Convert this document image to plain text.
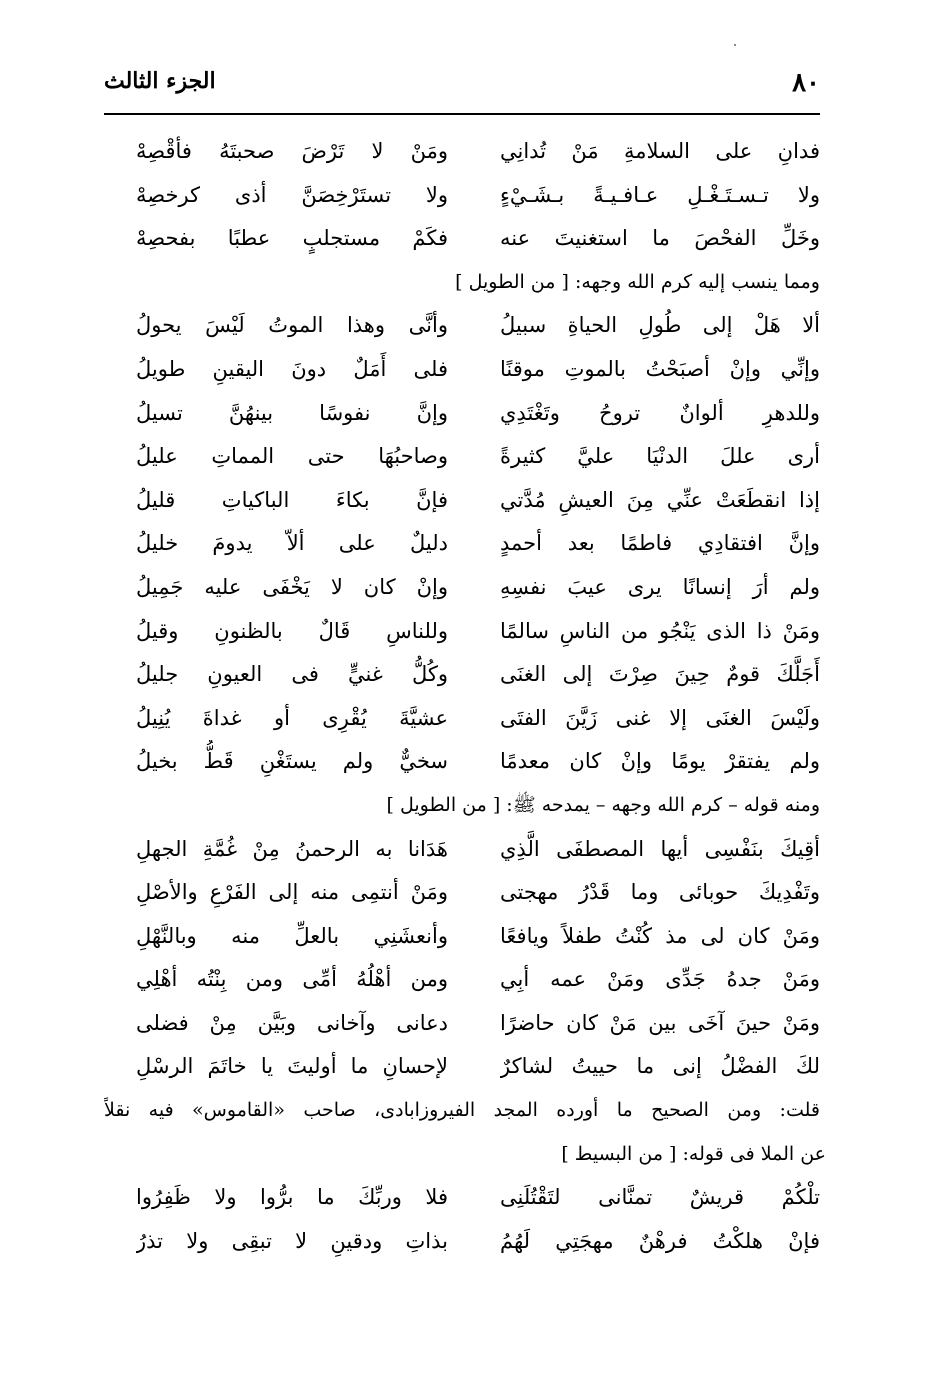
٨٠
الجزء الثالث
فدانِ على السلامةِ مَنْ تُدانِي
ومَنْ لا تَرْضَ صحبتَهُ فأقْصِهْ
ولا تـسـتَـغْـلِ عـافـيـةً بـشَـيْءٍ
ولا تستَرْخِصَنَّ أذى كرخصِهْ
وخَلِّ الفحْصَ ما استغنيتَ عنه
فكَمْ مستجلبٍ عطبًا بفحصِهْ
ومما ينسب إليه كرم الله وجهه: [ من الطويل ]
ألا هَلْ إلى طُولِ الحياةِ سبيلُ
وأنَّى وهذا الموتُ لَيْسَ يحولُ
وإنِّي وإنْ أصبَحْتُ بالموتِ موقنًا
فلى أَمَلٌ دونَ اليقينِ طويلُ
وللدهرِ ألوانٌ تروحُ وتَغْتَدِي
وإنَّ نفوسًا بينهُنَّ تسيلُ
أرى عللَ الدنْيَا عليَّ كثيرةً
وصاحبُهَا حتى المماتِ عليلُ
إذا انقطَعَتْ عنِّي مِنَ العيشِ مُدَّتي
فإنَّ بكاءَ الباكياتِ قليلُ
وإنَّ افتقادِي فاطمًا بعد أحمدٍ
دليلٌ على ألاّ يدومَ خليلُ
ولم أرَ إنسانًا يرى عيبَ نفسِهِ
وإنْ كان لا يَخْفَى عليه جَمِيلُ
ومَنْ ذا الذى يَنْجُو من الناسِ سالمًا
وللناسِ قَالٌ بالظنونِ وقيلُ
أَجَلَّكَ قومٌ حِينَ صِرْتَ إلى الغنَى
وكُلُّ غنيٍّ فى العيونِ جليلُ
ولَيْسَ الغنَى إلا غنى زَيَّنَ الفتَى
عشيَّةَ يُقْرِى أو غداةَ يُنِيلُ
ولم يفتقرْ يومًا وإنْ كان معدمًا
سخيٌّ ولم يستَغْنِ قَطُّ بخيلُ
ومنه قوله – كرم الله وجهه – يمدحه ﷺ: [ من الطويل ]
أقِيكَ بنَفْسِى أيها المصطفَى الَّذِي
هَدَانا به الرحمنُ مِنْ غُمَّةِ الجهلِ
وتَفْدِيكَ حوبائى وما قَدْرُ مهجتى
ومَنْ أنتمِى منه إلى الفَرْعِ والأصْلِ
ومَنْ كان لى مذ كُنْتُ طفلاً ويافعًا
وأنعشَنِي بالعلِّ منه وبالنَّهْلِ
ومَنْ جدهُ جَدِّى ومَنْ عمه أبِي
ومن أهْلُهُ أمِّى ومن بِنْتُه أهْلِي
ومَنْ حينَ آخَى بين مَنْ كان حاضرًا
دعانى وآخانى وبَيَّن مِنْ فضلى
لكَ الفضْلُ إنى ما حييتُ لشاكرٌ
لإحسانِ ما أوليتَ يا خاتَمَ الرسْلِ
قلت: ومن الصحيح ما أورده المجد الفيروزابادى، صاحب «القاموس» فيه نقلاً
عن الملا فى قوله: [ من البسيط ]
تلْكُمْ قريشٌ تمنَّانى لتَقْتُلَنِى
فلا وربِّكَ ما برُّوا ولا ظَفِرُوا
فإنْ هلكْتُ فرهْنٌ مهجَتِي لَهُمُ
بذاتِ ودقينِ لا تبقِى ولا تذرُ
